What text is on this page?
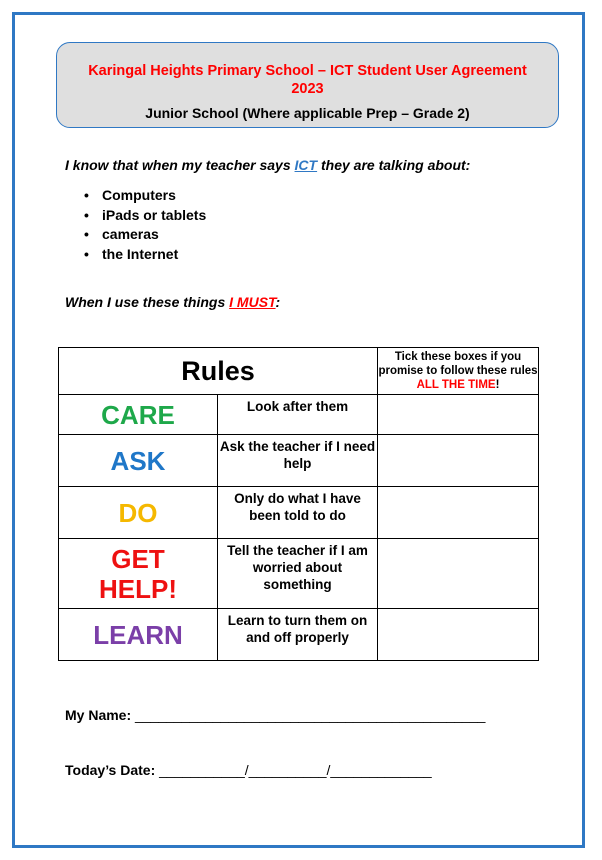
Karingal Heights Primary School – ICT Student User Agreement
2023
Junior School (Where applicable Prep – Grade 2)
I know that when my teacher says ICT they are talking about:
• Computers
• iPads or tablets
• cameras
• the Internet
When I use these things I MUST:
Rules		Tick these boxes if you promise to follow these rules ALL THE TIME!
CARE	Look after them	
ASK	Ask the teacher if I need help	
DO	Only do what I have been told to do	
GET HELP!	Tell the teacher if I am worried about something	
LEARN	Learn to turn them on and off properly	
My Name: _____________________________________________
Today’s Date: ___________/__________/_____________
